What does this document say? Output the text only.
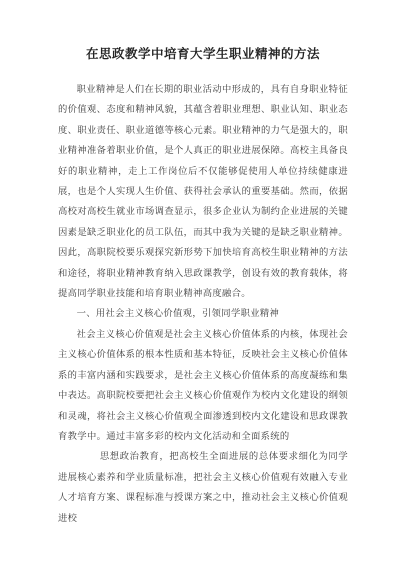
在思政教学中培育大学生职业精神的方法

职业精神是人们在长期的职业活动中形成的，具有自身职业特征的价值观、态度和精神风貌，其蕴含着职业理想、职业认知、职业态度、职业责任、职业道德等核心元素。职业精神的力气是强大的，职业精神准备着职业价值，是个人真正的职业进展保障。高校主具备良好的职业精神，走上工作岗位后不仅能够促使用人单位持续健康进展，也是个人实现人生价值、获得社会承认的重要基础。然而，依据高校对高校生就业市场调查显示，很多企业认为制约企业进展的关键因素是缺乏职业化的员工队伍，而其中我为关键的是缺乏职业精神。因此，高职院校要乐观探究新形势下加快培育高校生职业精神的方法和途径，将职业精神教育纳入思政课教学，创设有效的教育载体，将提高同学职业技能和培育职业精神高度融合。

一、用社会主义核心价值观，引领同学职业精神

社会主义核心价值观是社会主义核心价值体系的内核，体现社会主义核心价值体系的根本性质和基本特征，反映社会主义核心价值体系的丰富内涵和实践要求，是社会主义核心价值体系的高度凝练和集中表达。高职院校要把社会主义核心价值观作为校内文化建设的纲领和灵魂，将社会主义核心价值观全面渗透到校内文化建设和思政课教育教学中。通过丰富多彩的校内文化活动和全面系统的

思想政治教育，把高校生全面进展的总体要求细化为同学进展核心素养和学业质量标准，把社会主义核心价值观有效融入专业人才培育方案、课程标准与授课方案之中，推动社会主义核心价值观进校
